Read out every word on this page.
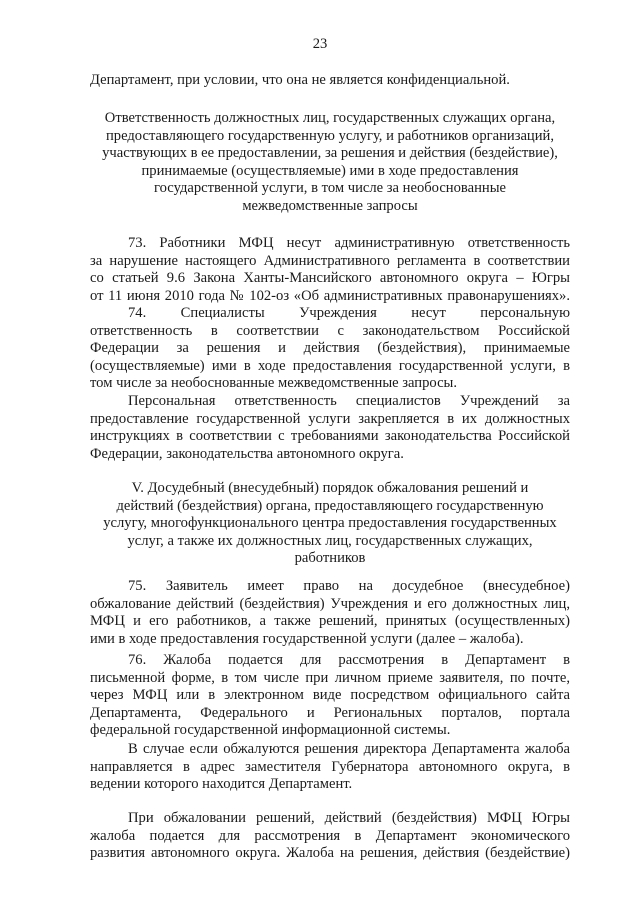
23
Департамент, при условии, что она не является конфиденциальной.
Ответственность должностных лиц, государственных служащих органа,
предоставляющего государственную услугу, и работников организаций,
участвующих в ее предоставлении, за решения и действия (бездействие),
принимаемые (осуществляемые) ими в ходе предоставления
государственной услуги, в том числе за необоснованные
межведомственные запросы
73. Работники МФЦ несут административную ответственность
за нарушение настоящего Административного регламента в соответствии
со статьей 9.6 Закона Ханты-Мансийского автономного округа – Югры
от 11 июня 2010 года № 102-оз «Об административных правонарушениях».
74. Специалисты Учреждения несут персональную
ответственность в соответствии с законодательством Российской
Федерации за решения и действия (бездействия), принимаемые
(осуществляемые) ими в ходе предоставления государственной услуги, в
том числе за необоснованные межведомственные запросы.
Персональная ответственность специалистов Учреждений за
предоставление государственной услуги закрепляется в их должностных
инструкциях в соответствии с требованиями законодательства Российской
Федерации, законодательства автономного округа.
V. Досудебный (внесудебный) порядок обжалования решений и
действий (бездействия) органа, предоставляющего государственную
услугу, многофункционального центра предоставления государственных
услуг, а также их должностных лиц, государственных служащих,
работников
75. Заявитель имеет право на досудебное (внесудебное)
обжалование действий (бездействия) Учреждения и его должностных лиц,
МФЦ и его работников, а также решений, принятых (осуществленных)
ими в ходе предоставления государственной услуги (далее – жалоба).
76. Жалоба подается для рассмотрения в Департамент в
письменной форме, в том числе при личном приеме заявителя, по почте,
через МФЦ или в электронном виде посредством официального сайта
Департамента, Федерального и Региональных порталов, портала
федеральной государственной информационной системы.
В случае если обжалуются решения директора Департамента жалоба
направляется в адрес заместителя Губернатора автономного округа, в
ведении которого находится Департамент.
При обжаловании решений, действий (бездействия) МФЦ Югры
жалоба подается для рассмотрения в Департамент экономического
развития автономного округа. Жалоба на решения, действия (бездействие)
